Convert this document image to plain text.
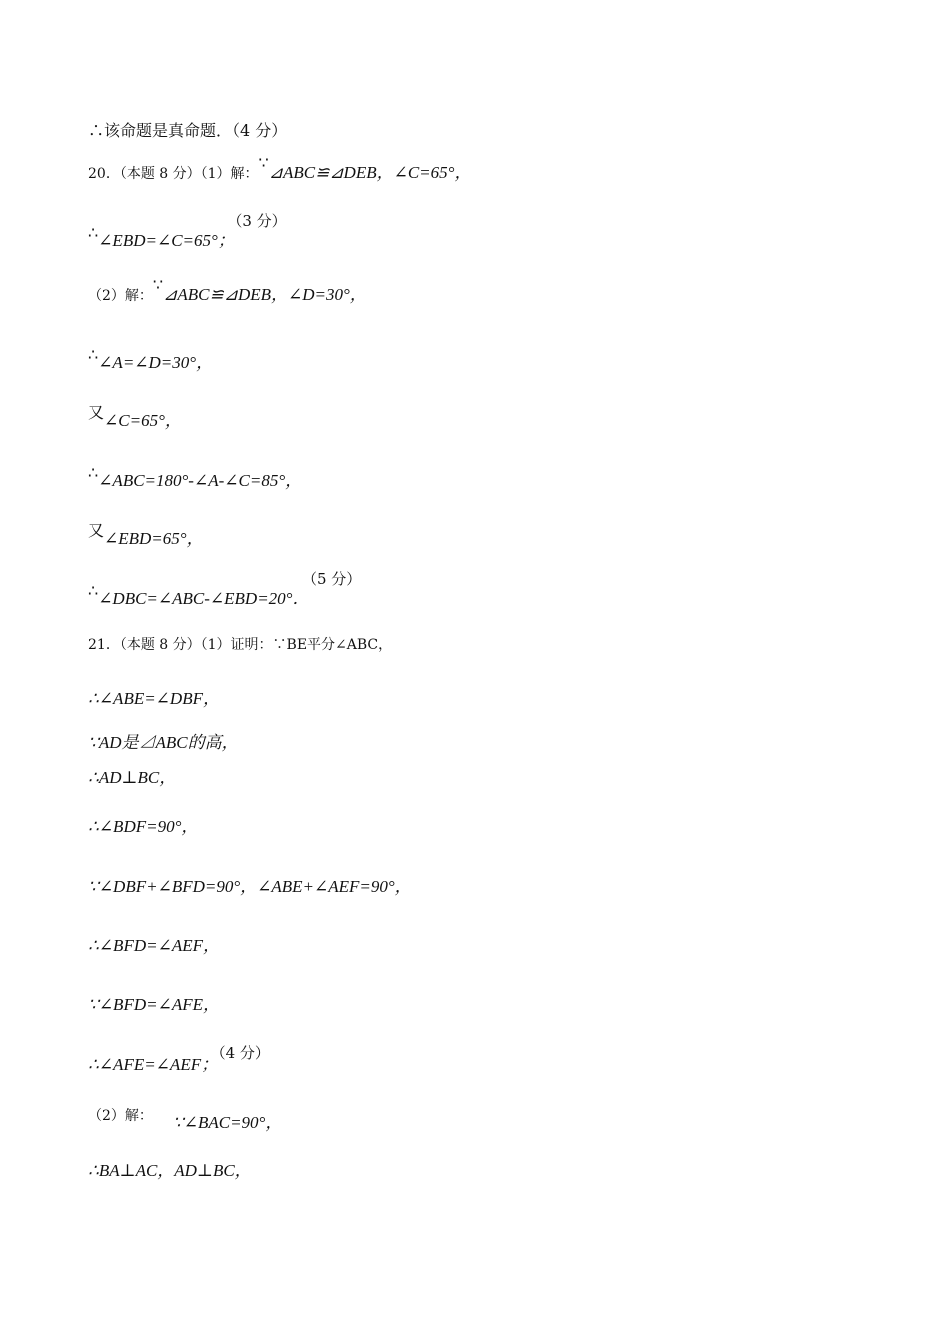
∴该命题是真命题．（4 分）
20．（本题 8 分）（1）解：∵⊿ABC≌⊿DEB，∠C=65°，
∴∠EBD=∠C=65°；（3 分）
（2）解：∵⊿ABC≌⊿DEB，∠D=30°，
∴∠A=∠D=30°，
又∠C=65°，
∴∠ABC=180°-∠A-∠C=85°，
又∠EBD=65°，
∴∠DBC=∠ABC-∠EBD=20°．（5 分）
21．（本题 8 分）（1）证明：∵BE平分∠ABC，
∴∠ABE=∠DBF，
∵AD是⊿ABC的高，
∴AD⊥BC，
∴∠BDF=90°，
∵∠DBF+∠BFD=90°，∠ABE+∠AEF=90°，
∴∠BFD=∠AEF，
∵∠BFD=∠AFE，
∴∠AFE=∠AEF；（4 分）
（2）解： ∵∠BAC=90°，
∴BA⊥AC，AD⊥BC，
